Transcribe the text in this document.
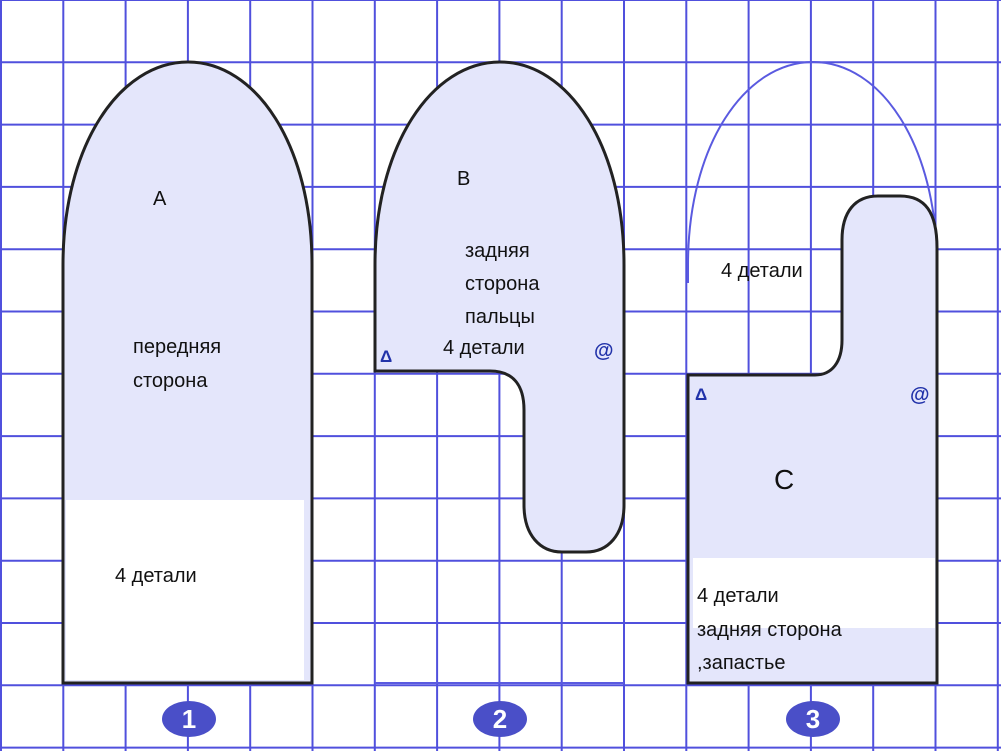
A
передняя
сторона
4 детали
1
B
задняя
сторона
пальцы
4 детали
Δ	@
2
4 детали
C
4 детали
задняя сторона
,запастье
Δ	@
3
